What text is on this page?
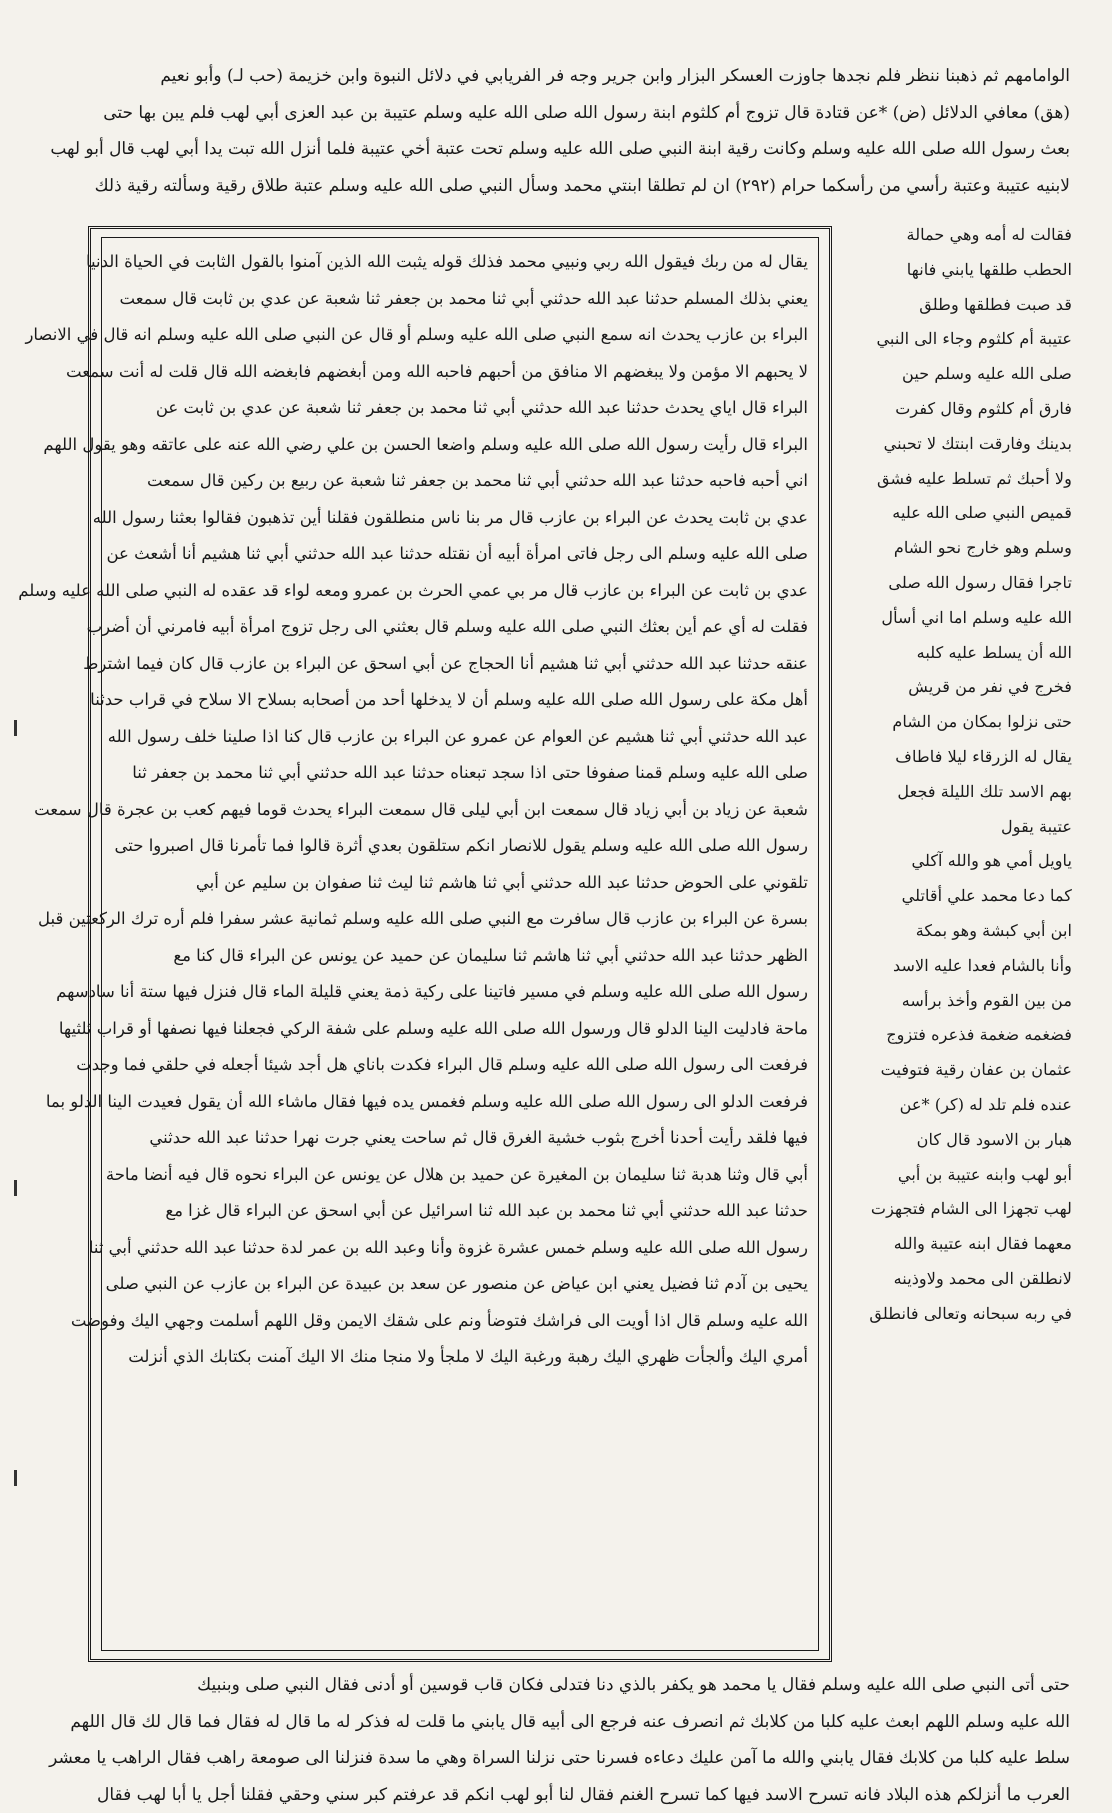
الوامامهم ثم ذهبنا ننظر فلم نجدها جاوزت العسكر البزار وابن جرير وجه فر الفريابي في دلائل النبوة وابن خزيمة (حب لـ) وأبو نعيم
(هق) معافي الدلائل (ض) *عن قتادة قال تزوج أم كلثوم ابنة رسول الله صلى الله عليه وسلم عتيبة بن عبد العزى أبي لهب فلم يبن بها حتى
بعث رسول الله صلى الله عليه وسلم وكانت رقية ابنة النبي صلى الله عليه وسلم تحت عتبة أخي عتيبة فلما أنزل الله تبت يدا أبي لهب قال أبو لهب
لابنيه عتيبة وعتبة رأسي من رأسكما حرام (٢٩٢) ان لم تطلقا ابنتي محمد وسأل النبي صلى الله عليه وسلم عتبة طلاق رقية وسألته رقية ذلك
فقالت له أمه وهي حمالة
الحطب طلقها يابني فانها
قد صبت فطلقها وطلق
عتيبة أم كلثوم وجاء الى النبي
صلى الله عليه وسلم حين
فارق أم كلثوم وقال كفرت
بدينك وفارقت ابنتك لا تحبني
ولا أحبك ثم تسلط عليه فشق
قميص النبي صلى الله عليه
وسلم وهو خارج نحو الشام
تاجرا فقال رسول الله صلى
الله عليه وسلم اما اني أسأل
الله أن يسلط عليه كلبه
فخرج في نفر من قريش
حتى نزلوا بمكان من الشام
يقال له الزرقاء ليلا فاطاف
بهم الاسد تلك الليلة فجعل
عتيبة يقول
ياويل أمي هو والله آكلي
كما دعا محمد علي أقاتلي
ابن أبي كبشة وهو بمكة
وأنا بالشام فعدا عليه الاسد
من بين القوم وأخذ برأسه
فضغمه ضغمة فذعره فتزوج
عثمان بن عفان رقية فتوفيت
عنده فلم تلد له (كر) *عن
هبار بن الاسود قال كان
أبو لهب وابنه عتيبة بن أبي
لهب تجهزا الى الشام فتجهزت
معهما فقال ابنه عتيبة والله
لانطلقن الى محمد ولاوذينه
في ربه سبحانه وتعالى فانطلق
يقال له من ربك فيقول الله ربي ونبيي محمد فذلك قوله يثبت الله الذين آمنوا بالقول الثابت في الحياة الدنيا
يعني بذلك المسلم حدثنا عبد الله حدثني أبي ثنا محمد بن جعفر ثنا شعبة عن عدي بن ثابت قال سمعت
البراء بن عازب يحدث انه سمع النبي صلى الله عليه وسلم أو قال عن النبي صلى الله عليه وسلم انه قال في الانصار
لا يحبهم الا مؤمن ولا يبغضهم الا منافق من أحبهم فاحبه الله ومن أبغضهم فابغضه الله قال قلت له أنت سمعت
البراء قال اياي يحدث حدثنا عبد الله حدثني أبي ثنا محمد بن جعفر ثنا شعبة عن عدي بن ثابت عن
البراء قال رأيت رسول الله صلى الله عليه وسلم واضعا الحسن بن علي رضي الله عنه على عاتقه وهو يقول اللهم
اني أحبه فاحبه حدثنا عبد الله حدثني أبي ثنا محمد بن جعفر ثنا شعبة عن ربيع بن ركين قال سمعت
عدي بن ثابت يحدث عن البراء بن عازب قال مر بنا ناس منطلقون فقلنا أين تذهبون فقالوا بعثنا رسول الله
صلى الله عليه وسلم الى رجل فاتى امرأة أبيه أن نقتله حدثنا عبد الله حدثني أبي ثنا هشيم أنا أشعث عن
عدي بن ثابت عن البراء بن عازب قال مر بي عمي الحرث بن عمرو ومعه لواء قد عقده له النبي صلى الله عليه وسلم
فقلت له أي عم أين بعثك النبي صلى الله عليه وسلم قال بعثني الى رجل تزوج امرأة أبيه فامرني أن أضرب
عنقه حدثنا عبد الله حدثني أبي ثنا هشيم أنا الحجاج عن أبي اسحق عن البراء بن عازب قال كان فيما اشترط
أهل مكة على رسول الله صلى الله عليه وسلم أن لا يدخلها أحد من أصحابه بسلاح الا سلاح في قراب حدثنا
عبد الله حدثني أبي ثنا هشيم عن العوام عن عمرو عن البراء بن عازب قال كنا اذا صلينا خلف رسول الله
صلى الله عليه وسلم قمنا صفوفا حتى اذا سجد تبعناه حدثنا عبد الله حدثني أبي ثنا محمد بن جعفر ثنا
شعبة عن زياد بن أبي زياد قال سمعت ابن أبي ليلى قال سمعت البراء يحدث قوما فيهم كعب بن عجرة قال سمعت
رسول الله صلى الله عليه وسلم يقول للانصار انكم ستلقون بعدي أثرة قالوا فما تأمرنا قال اصبروا حتى
تلقوني على الحوض حدثنا عبد الله حدثني أبي ثنا هاشم ثنا ليث ثنا صفوان بن سليم عن أبي
بسرة عن البراء بن عازب قال سافرت مع النبي صلى الله عليه وسلم ثمانية عشر سفرا فلم أره ترك الركعتين قبل
الظهر حدثنا عبد الله حدثني أبي ثنا هاشم ثنا سليمان عن حميد عن يونس عن البراء قال كنا مع
رسول الله صلى الله عليه وسلم في مسير فاتينا على ركية ذمة يعني قليلة الماء قال فنزل فيها ستة أنا سادسهم
ماحة فادليت الينا الدلو قال ورسول الله صلى الله عليه وسلم على شفة الركي فجعلنا فيها نصفها أو قراب ثلثيها
فرفعت الى رسول الله صلى الله عليه وسلم قال البراء فكدت باناي هل أجد شيئا أجعله في حلقي فما وجدت
فرفعت الدلو الى رسول الله صلى الله عليه وسلم فغمس يده فيها فقال ماشاء الله أن يقول فعيدت الينا الدلو بما
فيها فلقد رأيت أحدنا أخرج بثوب خشية الغرق قال ثم ساحت يعني جرت نهرا حدثنا عبد الله حدثني
أبي قال وثنا هدبة ثنا سليمان بن المغيرة عن حميد بن هلال عن يونس عن البراء نحوه قال فيه أنضا ماحة
حدثنا عبد الله حدثني أبي ثنا محمد بن عبد الله ثنا اسرائيل عن أبي اسحق عن البراء قال غزا مع
رسول الله صلى الله عليه وسلم خمس عشرة غزوة وأنا وعبد الله بن عمر لدة حدثنا عبد الله حدثني أبي ثنا
يحيى بن آدم ثنا فضيل يعني ابن عياض عن منصور عن سعد بن عبيدة عن البراء بن عازب عن النبي صلى
الله عليه وسلم قال اذا أويت الى فراشك فتوضأ ونم على شقك الايمن وقل اللهم أسلمت وجهي اليك وفوضت
أمري اليك وألجأت ظهري اليك رهبة ورغبة اليك لا ملجأ ولا منجا منك الا اليك آمنت بكتابك الذي أنزلت
حتى أتى النبي صلى الله عليه وسلم فقال يا محمد هو يكفر بالذي دنا فتدلى فكان قاب قوسين أو أدنى فقال النبي صلى وبنبيك
الله عليه وسلم اللهم ابعث عليه كلبا من كلابك ثم انصرف عنه فرجع الى أبيه قال يابني ما قلت له فذكر له ما قال له فقال فما قال لك قال اللهم
سلط عليه كلبا من كلابك فقال يابني والله ما آمن عليك دعاءه فسرنا حتى نزلنا السراة وهي ما سدة فنزلنا الى صومعة راهب فقال الراهب يا معشر
العرب ما أنزلكم هذه البلاد فانه تسرح الاسد فيها كما تسرح الغنم فقال لنا أبو لهب انكم قد عرفتم كبر سني وحقي فقلنا أجل يا أبا لهب فقال
